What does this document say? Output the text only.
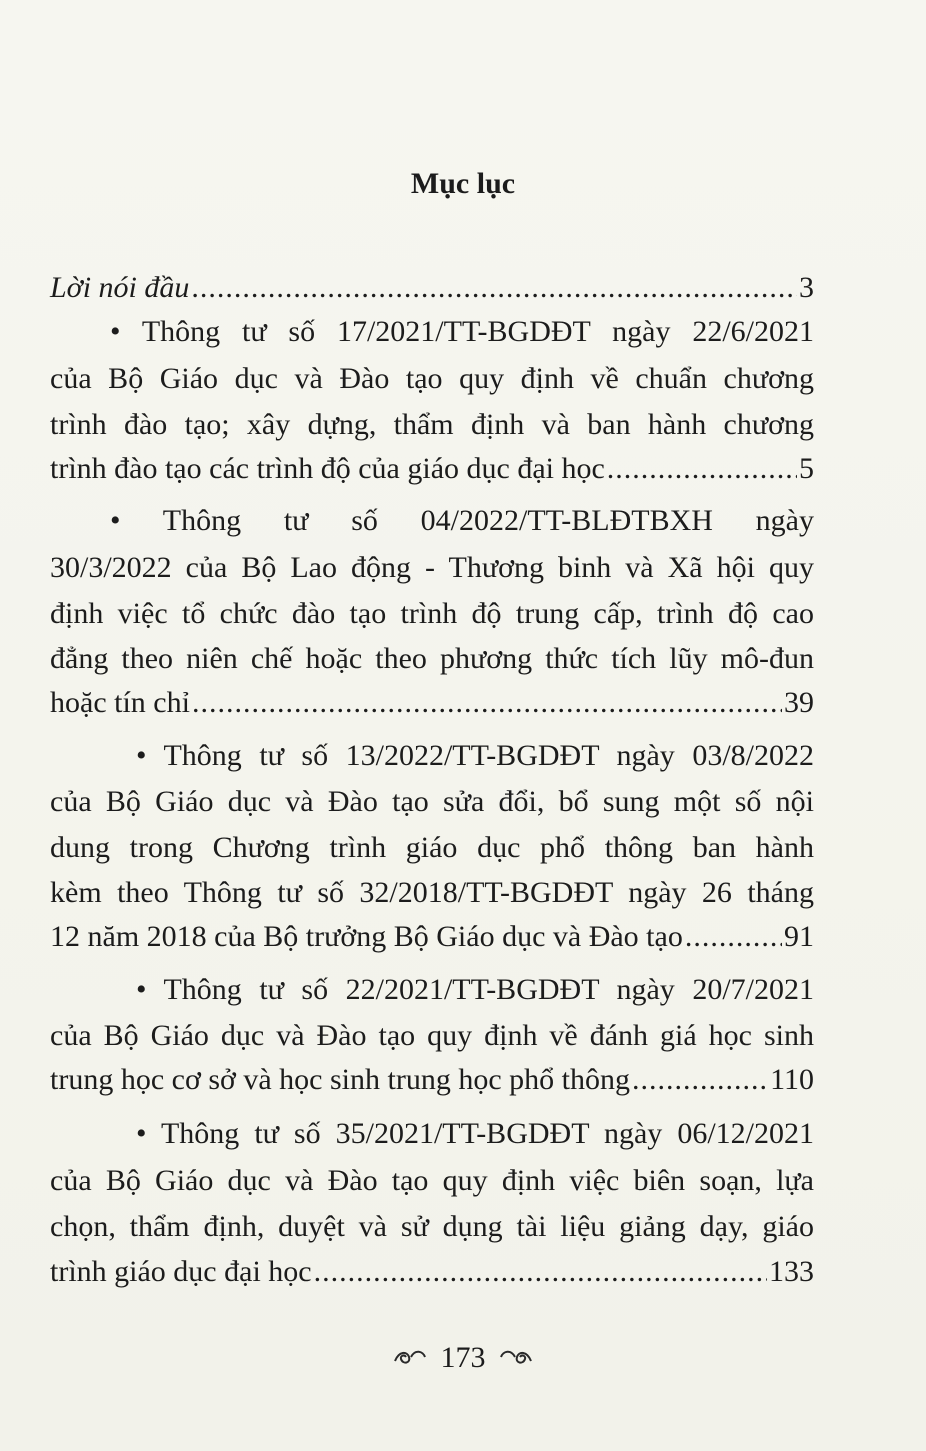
Mục lục
Lời nói đầu .....	3
• Thông tư số 17/2021/TT-BGDĐT ngày 22/6/2021
của Bộ Giáo dục và Đào tạo quy định về chuẩn chương
trình đào tạo; xây dựng, thẩm định và ban hành chương
trình đào tạo các trình độ của giáo dục đại học .....	5
• Thông tư số 04/2022/TT-BLĐTBXH ngày
30/3/2022 của Bộ Lao động - Thương binh và Xã hội quy
định việc tổ chức đào tạo trình độ trung cấp, trình độ cao
đẳng theo niên chế hoặc theo phương thức tích lũy mô-đun
hoặc tín chỉ .....	39
• Thông tư số 13/2022/TT-BGDĐT ngày 03/8/2022
của Bộ Giáo dục và Đào tạo sửa đổi, bổ sung một số nội
dung trong Chương trình giáo dục phổ thông ban hành
kèm theo Thông tư số 32/2018/TT-BGDĐT ngày 26 tháng
12 năm 2018 của Bộ trưởng Bộ Giáo dục và Đào tạo .....	91
• Thông tư số 22/2021/TT-BGDĐT ngày 20/7/2021
của Bộ Giáo dục và Đào tạo quy định về đánh giá học sinh
trung học cơ sở và học sinh trung học phổ thông .....	110
• Thông tư số 35/2021/TT-BGDĐT ngày 06/12/2021
của Bộ Giáo dục và Đào tạo quy định việc biên soạn, lựa
chọn, thẩm định, duyệt và sử dụng tài liệu giảng dạy, giáo
trình giáo dục đại học .....	133
173
